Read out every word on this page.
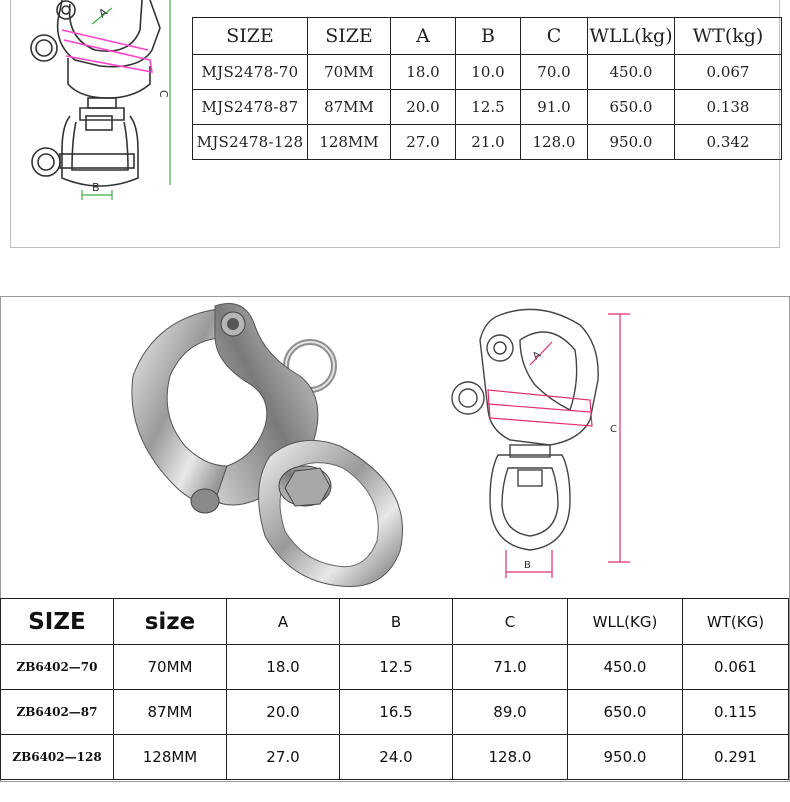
A
C
B
SIZE	SIZE	A	B	C	WLL(kg)	WT(kg)
MJS2478-70	70MM	18.0	10.0	70.0	450.0	0.067
MJS2478-87	87MM	20.0	12.5	91.0	650.0	0.138
MJS2478-128	128MM	27.0	21.0	128.0	950.0	0.342
A
C
B
SIZE	size	A	B	C	WLL(KG)	WT(KG)
ZB6402—70	70MM	18.0	12.5	71.0	450.0	0.061
ZB6402—87	87MM	20.0	16.5	89.0	650.0	0.115
ZB6402—128	128MM	27.0	24.0	128.0	950.0	0.291
